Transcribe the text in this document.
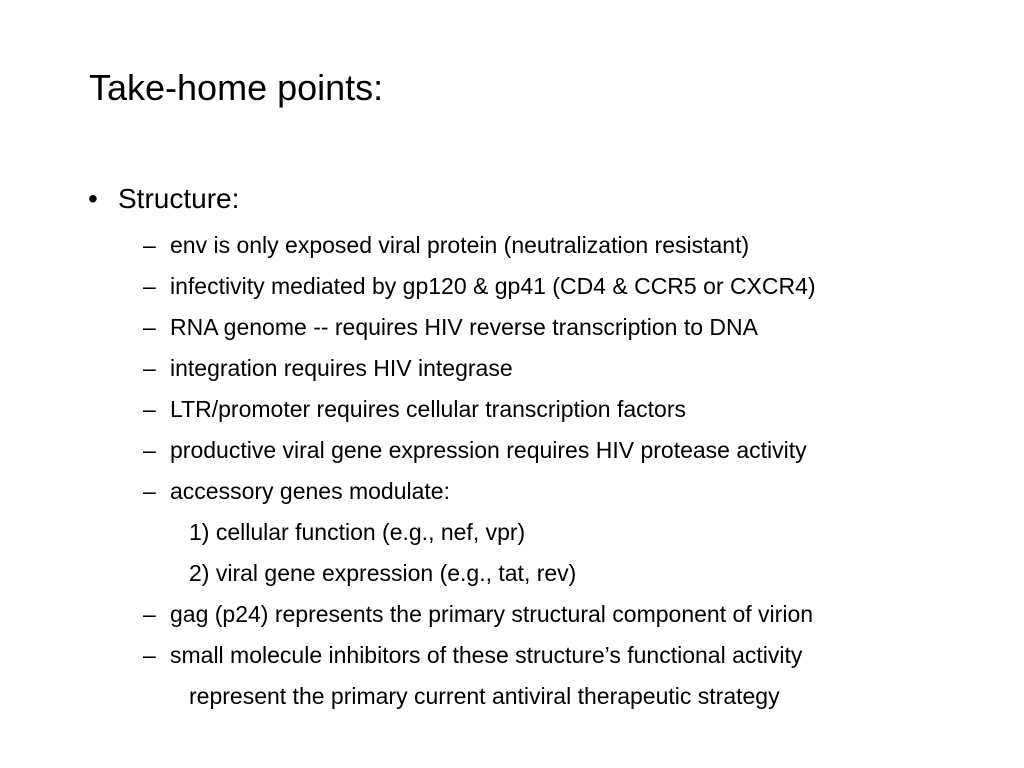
Take-home points:
• Structure:
– env is only exposed viral protein (neutralization resistant)
– infectivity mediated by gp120 & gp41 (CD4 & CCR5 or CXCR4)
– RNA genome -- requires HIV reverse transcription to DNA
– integration requires HIV integrase
– LTR/promoter requires cellular transcription factors
– productive viral gene expression requires HIV protease activity
– accessory genes modulate:
1) cellular function (e.g., nef, vpr)
2) viral gene expression (e.g., tat, rev)
– gag (p24) represents the primary structural component of virion
– small molecule inhibitors of these structure’s functional activity
represent the primary current antiviral therapeutic strategy
